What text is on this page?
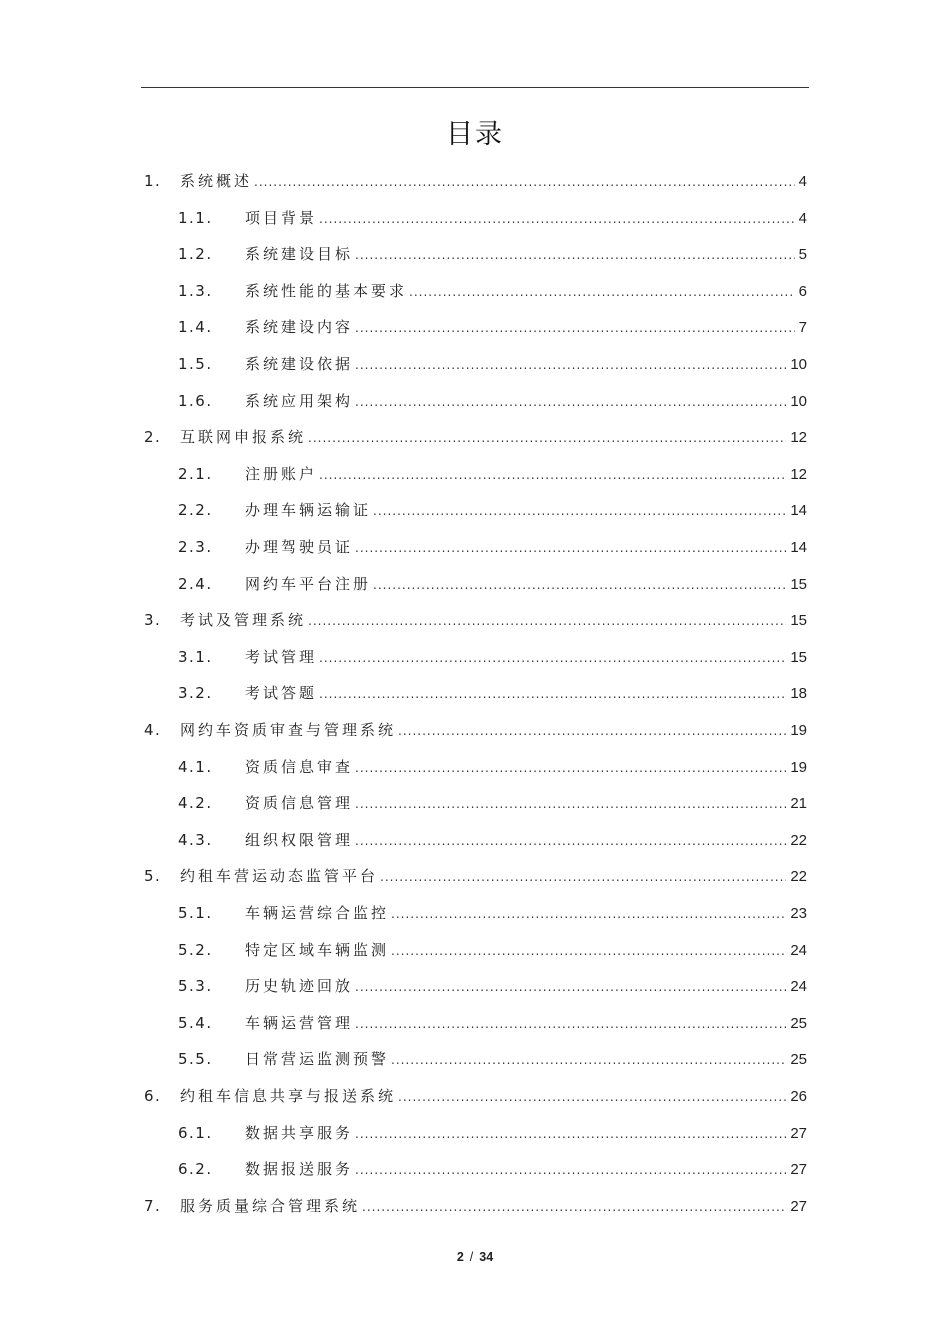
目录
1.	系统概述 .....	4
1.1.	项目背景 .....	4
1.2.	系统建设目标 .....	5
1.3.	系统性能的基本要求 .....	6
1.4.	系统建设内容 .....	7
1.5.	系统建设依据 .....	10
1.6.	系统应用架构 .....	10
2.	互联网申报系统 .....	12
2.1.	注册账户 .....	12
2.2.	办理车辆运输证 .....	14
2.3.	办理驾驶员证 .....	14
2.4.	网约车平台注册 .....	15
3.	考试及管理系统 .....	15
3.1.	考试管理 .....	15
3.2.	考试答题 .....	18
4.	网约车资质审查与管理系统 .....	19
4.1.	资质信息审查 .....	19
4.2.	资质信息管理 .....	21
4.3.	组织权限管理 .....	22
5.	约租车营运动态监管平台 .....	22
5.1.	车辆运营综合监控 .....	23
5.2.	特定区域车辆监测 .....	24
5.3.	历史轨迹回放 .....	24
5.4.	车辆运营管理 .....	25
5.5.	日常营运监测预警 .....	25
6.	约租车信息共享与报送系统 .....	26
6.1.	数据共享服务 .....	27
6.2.	数据报送服务 .....	27
7.	服务质量综合管理系统 .....	27
2 / 34
